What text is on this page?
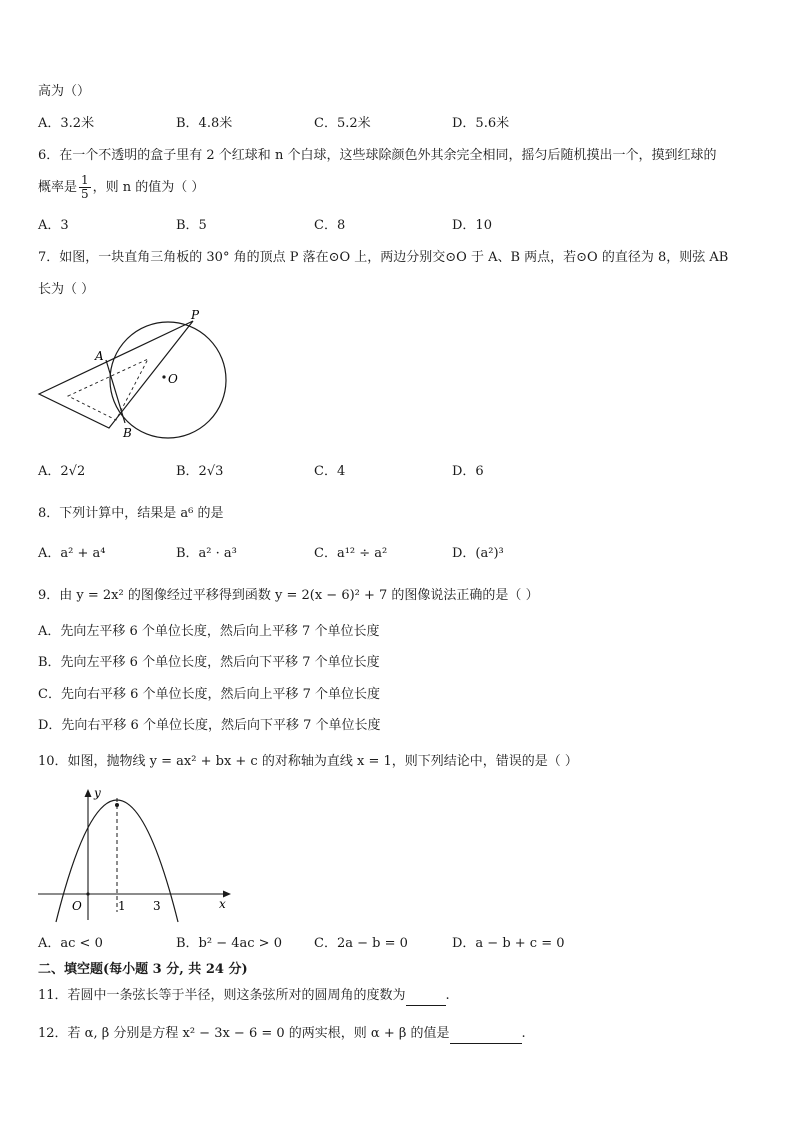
高为（）
A．3.2米	B．4.8米	C．5.2米	D．5.6米
6．在一个不透明的盒子里有 2 个红球和 n 个白球，这些球除颜色外其余完全相同，摇匀后随机摸出一个，摸到红球的
概率是 $\frac{1}{5}$ ，则 n 的值为（ ）
A．3	B．5	C．8	D．10
7．如图，一块直角三角板的 30° 角的顶点 P 落在⊙O 上，两边分别交⊙O 于 A、B 两点，若⊙O 的直径为 8，则弦 AB
长为（ ）
P
A
B
O
A．2√2	B．2√3	C．4	D．6
8．下列计算中，结果是 a⁶ 的是
A．a² + a⁴	B．a² · a³	C．a¹² ÷ a²	D．(a²)³
9．由 y = 2x² 的图像经过平移得到函数 y = 2(x − 6)² + 7 的图像说法正确的是（ ）
A．先向左平移 6 个单位长度，然后向上平移 7 个单位长度
B．先向左平移 6 个单位长度，然后向下平移 7 个单位长度
C．先向右平移 6 个单位长度，然后向上平移 7 个单位长度
D．先向右平移 6 个单位长度，然后向下平移 7 个单位长度
10．如图，抛物线 y = ax² + bx + c 的对称轴为直线 x = 1，则下列结论中，错误的是（ ）
y
x
O	1 3
A．ac < 0	B．b² − 4ac > 0 C．2a − b = 0	D．a − b + c = 0
二、填空题(每小题 3 分, 共 24 分)
11．若圆中一条弦长等于半径，则这条弦所对的圆周角的度数为	.
12．若 α, β 分别是方程 x² − 3x − 6 = 0 的两实根，则 α + β 的值是	.
